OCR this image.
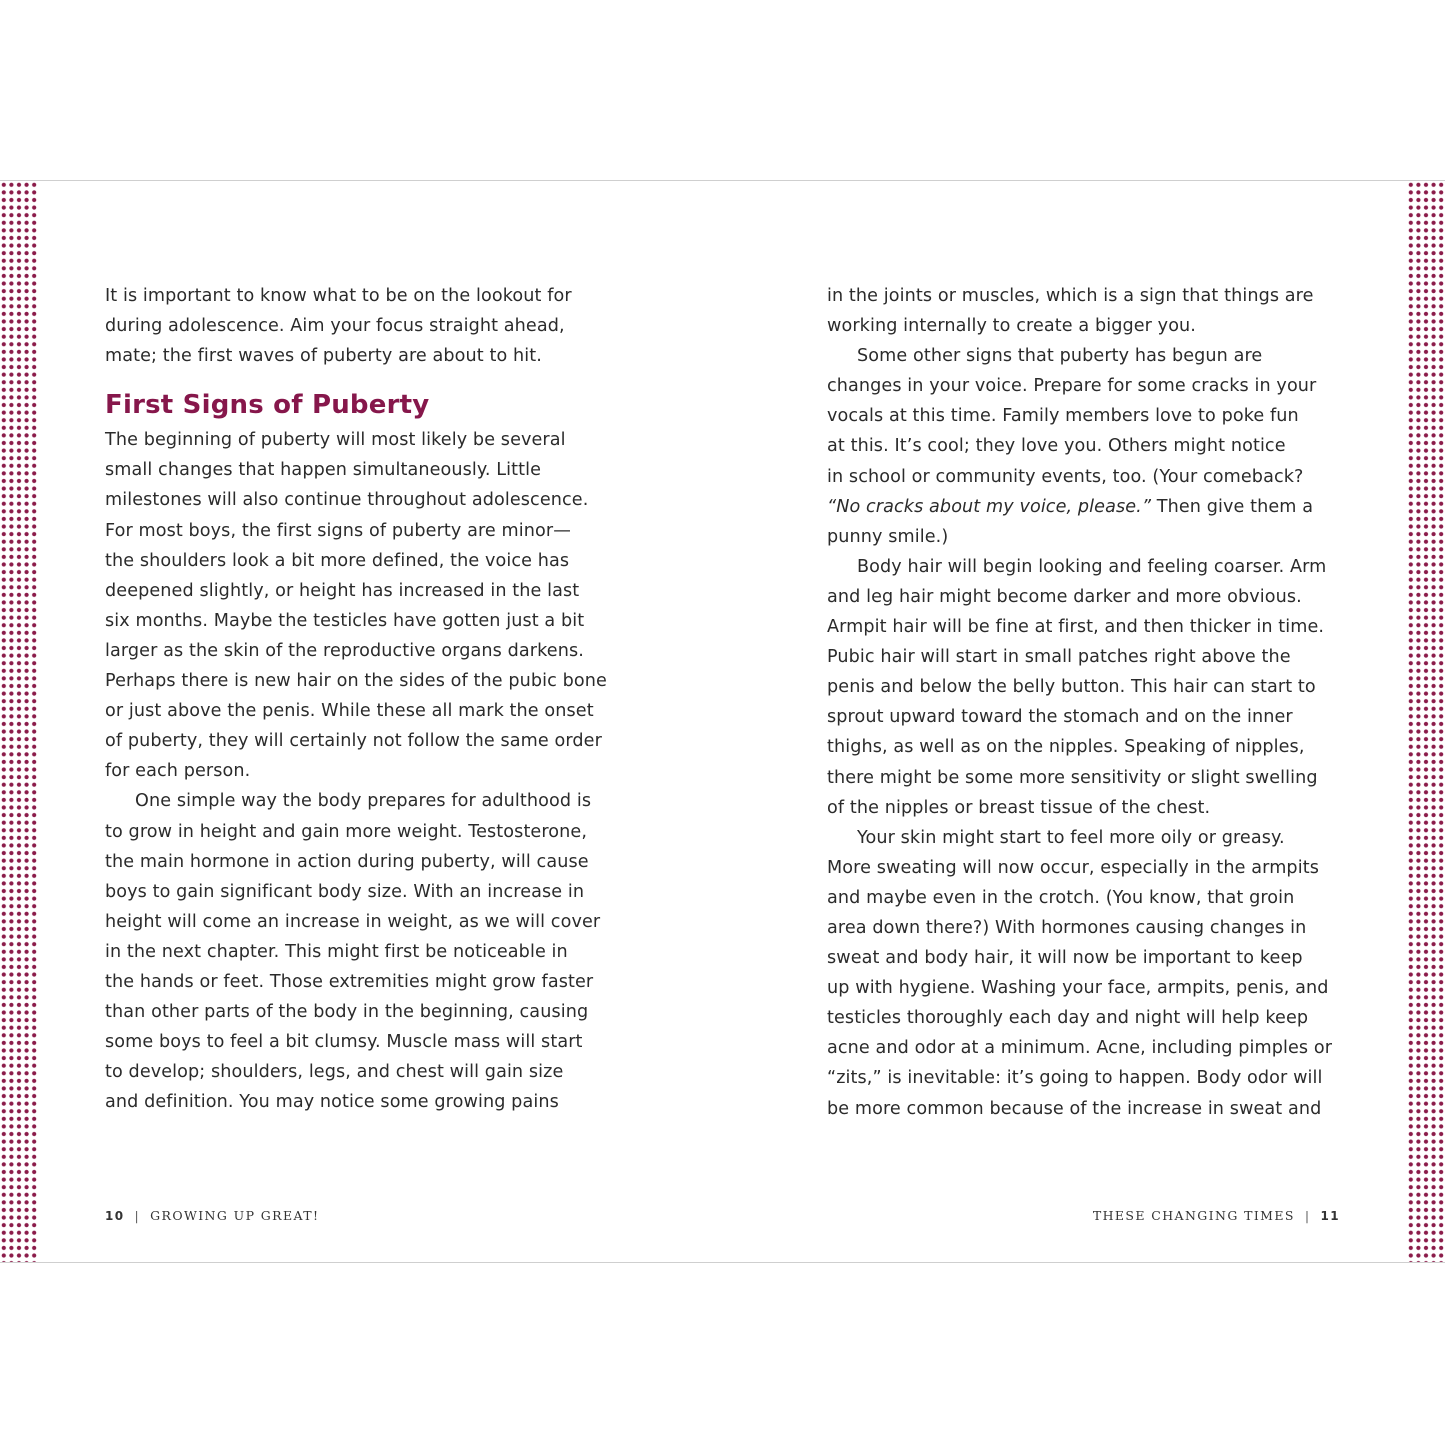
It is important to know what to be on the lookout for
during adolescence. Aim your focus straight ahead,
mate; the first waves of puberty are about to hit.

First Signs of Puberty

The beginning of puberty will most likely be several
small changes that happen simultaneously. Little
milestones will also continue throughout adolescence.
For most boys, the first signs of puberty are minor—
the shoulders look a bit more defined, the voice has
deepened slightly, or height has increased in the last
six months. Maybe the testicles have gotten just a bit
larger as the skin of the reproductive organs darkens.
Perhaps there is new hair on the sides of the pubic bone
or just above the penis. While these all mark the onset
of puberty, they will certainly not follow the same order
for each person.

One simple way the body prepares for adulthood is
to grow in height and gain more weight. Testosterone,
the main hormone in action during puberty, will cause
boys to gain significant body size. With an increase in
height will come an increase in weight, as we will cover
in the next chapter. This might first be noticeable in
the hands or feet. Those extremities might grow faster
than other parts of the body in the beginning, causing
some boys to feel a bit clumsy. Muscle mass will start
to develop; shoulders, legs, and chest will gain size
and definition. You may notice some growing pains

in the joints or muscles, which is a sign that things are
working internally to create a bigger you.

Some other signs that puberty has begun are
changes in your voice. Prepare for some cracks in your
vocals at this time. Family members love to poke fun
at this. It’s cool; they love you. Others might notice
in school or community events, too. (Your comeback?
“No cracks about my voice, please.” Then give them a
punny smile.)

Body hair will begin looking and feeling coarser. Arm
and leg hair might become darker and more obvious.
Armpit hair will be fine at first, and then thicker in time.
Pubic hair will start in small patches right above the
penis and below the belly button. This hair can start to
sprout upward toward the stomach and on the inner
thighs, as well as on the nipples. Speaking of nipples,
there might be some more sensitivity or slight swelling
of the nipples or breast tissue of the chest.

Your skin might start to feel more oily or greasy.
More sweating will now occur, especially in the armpits
and maybe even in the crotch. (You know, that groin
area down there?) With hormones causing changes in
sweat and body hair, it will now be important to keep
up with hygiene. Washing your face, armpits, penis, and
testicles thoroughly each day and night will help keep
acne and odor at a minimum. Acne, including pimples or
“zits,” is inevitable: it’s going to happen. Body odor will
be more common because of the increase in sweat and

10 | GROWING UP GREAT!	THESE CHANGING TIMES | 11
